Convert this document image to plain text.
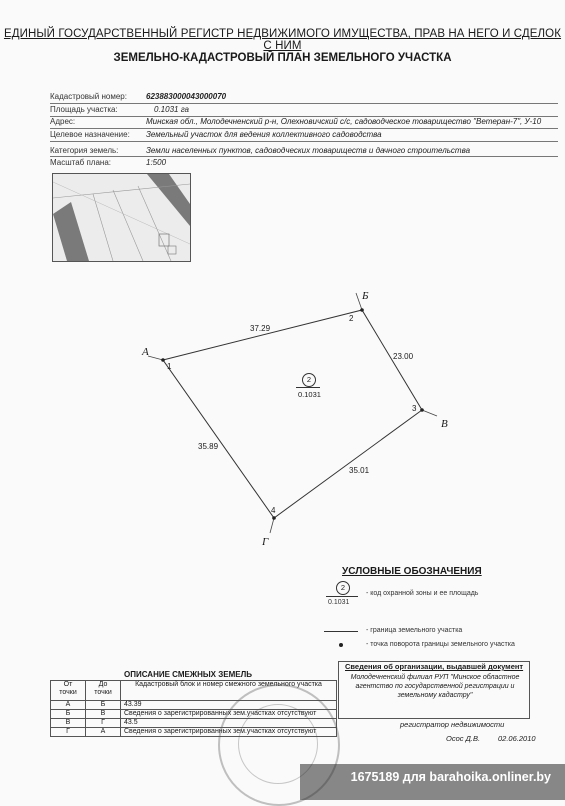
ЕДИНЫЙ ГОСУДАРСТВЕННЫЙ РЕГИСТР НЕДВИЖИМОГО ИМУЩЕСТВА, ПРАВ НА НЕГО И СДЕЛОК С НИМ
ЗЕМЕЛЬНО-КАДАСТРОВЫЙ ПЛАН ЗЕМЕЛЬНОГО УЧАСТКА
Кадастровый номер: 623883000043000070
Площадь участка:	0.1031 га
Адрес:	Минская обл., Молодечненский р-н, Олехновичский с/с, садоводческое товарищество "Ветеран-7", У-10
Целевое назначение: Земельный участок для ведения коллективного садоводства
Категория земель:	Земли населенных пунктов, садоводческих товариществ и дачного строительства
Масштаб плана:	1:500
1
2
3
4
А
Б
В
Г
37.29
23.00
35.01
35.89
2
0.1031
УСЛОВНЫЕ ОБОЗНАЧЕНИЯ
2
0.1031
- код охранной зоны и ее площадь
- граница земельного участка
- точка поворота границы земельного участка
ОПИСАНИЕ СМЕЖНЫХ ЗЕМЕЛЬ
От точки	До точки	Кадастровый блок и номер смежного земельного участка
А	Б	43.39
Б	В	Сведения о зарегистрированных зем.участках отсутствуют
В	Г	43.5
Г	А	Сведения о зарегистрированных зем.участках отсутствуют
Сведения об организации, выдавшей документ
Молодечненский филиал РУП "Минское областное агентство по государственной регистрации и земельному кадастру"
регистратор недвижимости
Осос Д.В. 02.06.2010
1675189 для barahoika.onliner.by
